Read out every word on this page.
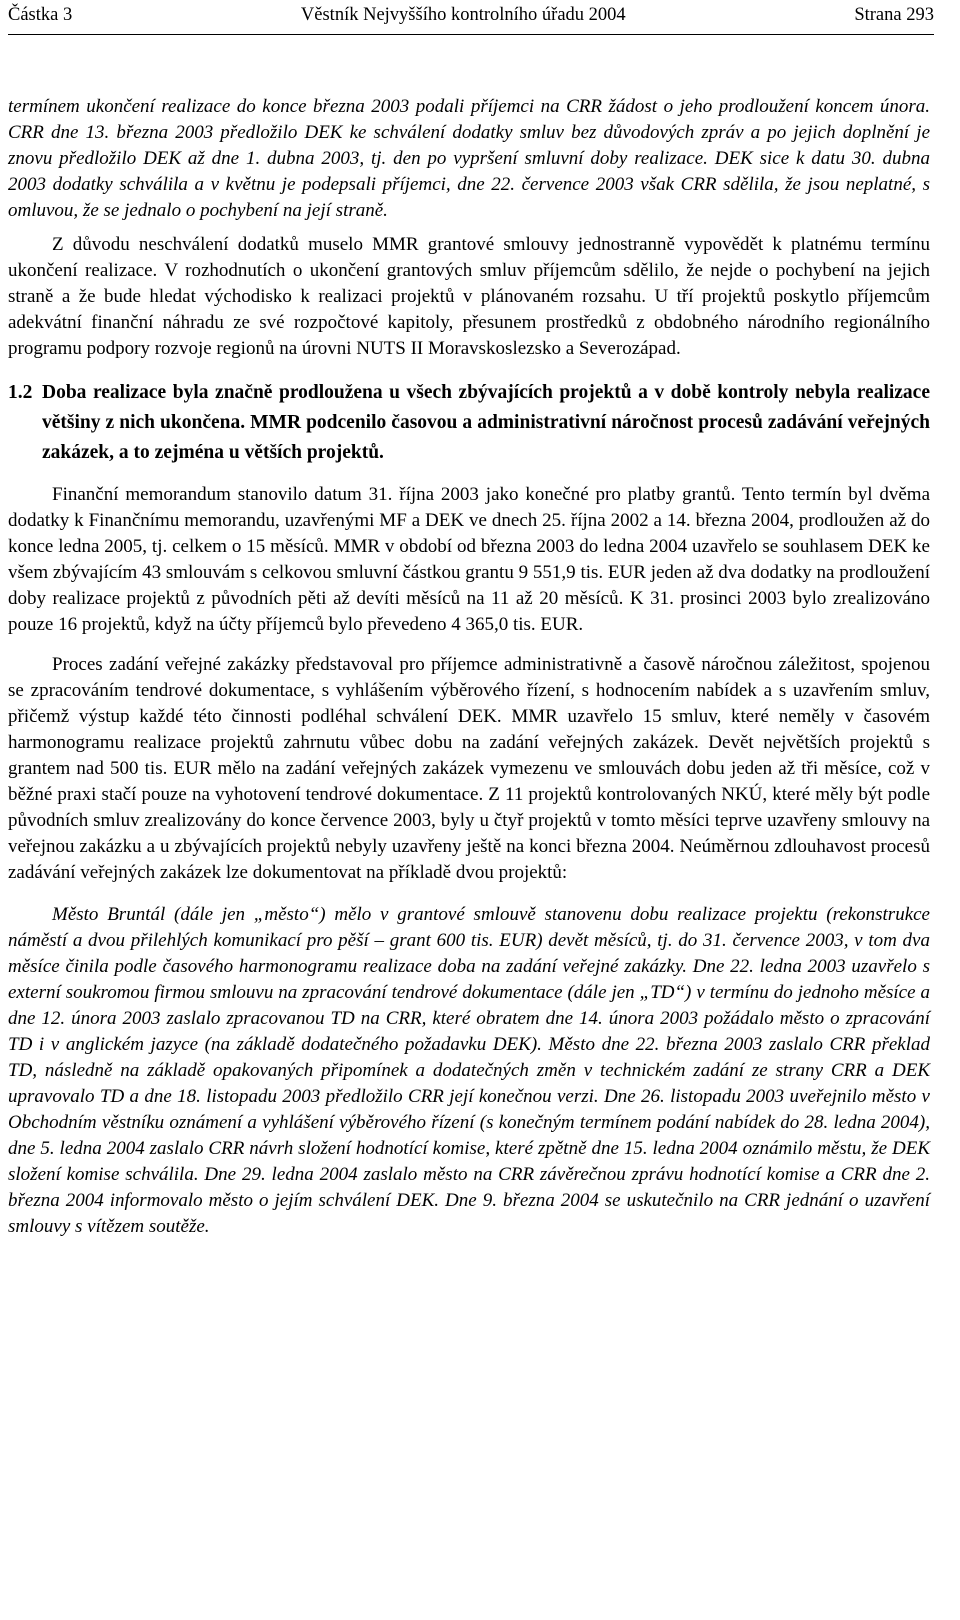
Částka 3	Věstník Nejvyššího kontrolního úřadu 2004	Strana 293

termínem ukončení realizace do konce března 2003 podali příjemci na CRR žádost o jeho prodloužení koncem února. CRR dne 13. března 2003 předložilo DEK ke schválení dodatky smluv bez důvodových zpráv a po jejich doplnění je znovu předložilo DEK až dne 1. dubna 2003, tj. den po vypršení smluvní doby realizace. DEK sice k datu 30. dubna 2003 dodatky schválila a v květnu je podepsali příjemci, dne 22. července 2003 však CRR sdělila, že jsou neplatné, s omluvou, že se jednalo o pochybení na její straně.

Z důvodu neschválení dodatků muselo MMR grantové smlouvy jednostranně vypovědět k platnému termínu ukončení realizace. V rozhodnutích o ukončení grantových smluv příjemcům sdělilo, že nejde o pochybení na jejich straně a že bude hledat východisko k realizaci projektů v plánovaném rozsahu. U tří projektů poskytlo příjemcům adekvátní finanční náhradu ze své rozpočtové kapitoly, přesunem prostředků z obdobného národního regionálního programu podpory rozvoje regionů na úrovni NUTS II Moravskoslezsko a Severozápad.

1.2 Doba realizace byla značně prodloužena u všech zbývajících projektů a v době kontroly nebyla realizace většiny z nich ukončena. MMR podcenilo časovou a administrativní náročnost procesů zadávání veřejných zakázek, a to zejména u větších projektů.

Finanční memorandum stanovilo datum 31. října 2003 jako konečné pro platby grantů. Tento termín byl dvěma dodatky k Finančnímu memorandu, uzavřenými MF a DEK ve dnech 25. října 2002 a 14. března 2004, prodloužen až do konce ledna 2005, tj. celkem o 15 měsíců. MMR v období od března 2003 do ledna 2004 uzavřelo se souhlasem DEK ke všem zbývajícím 43 smlouvám s celkovou smluvní částkou grantu 9 551,9 tis. EUR jeden až dva dodatky na prodloužení doby realizace projektů z původních pěti až devíti měsíců na 11 až 20 měsíců. K 31. prosinci 2003 bylo zrealizováno pouze 16 projektů, když na účty příjemců bylo převedeno 4 365,0 tis. EUR.

Proces zadání veřejné zakázky představoval pro příjemce administrativně a časově náročnou záležitost, spojenou se zpracováním tendrové dokumentace, s vyhlášením výběrového řízení, s hodnocením nabídek a s uzavřením smluv, přičemž výstup každé této činnosti podléhal schválení DEK. MMR uzavřelo 15 smluv, které neměly v časovém harmonogramu realizace projektů zahrnutu vůbec dobu na zadání veřejných zakázek. Devět největších projektů s grantem nad 500 tis. EUR mělo na zadání veřejných zakázek vymezenu ve smlouvách dobu jeden až tři měsíce, což v běžné praxi stačí pouze na vyhotovení tendrové dokumentace. Z 11 projektů kontrolovaných NKÚ, které měly být podle původních smluv zrealizovány do konce července 2003, byly u čtyř projektů v tomto měsíci teprve uzavřeny smlouvy na veřejnou zakázku a u zbývajících projektů nebyly uzavřeny ještě na konci března 2004. Neúměrnou zdlouhavost procesů zadávání veřejných zakázek lze dokumentovat na příkladě dvou projektů:

Město Bruntál (dále jen „město“) mělo v grantové smlouvě stanovenu dobu realizace projektu (rekonstrukce náměstí a dvou přilehlých komunikací pro pěší – grant 600 tis. EUR) devět měsíců, tj. do 31. července 2003, v tom dva měsíce činila podle časového harmonogramu realizace doba na zadání veřejné zakázky. Dne 22. ledna 2003 uzavřelo s externí soukromou firmou smlouvu na zpracování tendrové dokumentace (dále jen „TD“) v termínu do jednoho měsíce a dne 12. února 2003 zaslalo zpracovanou TD na CRR, které obratem dne 14. února 2003 požádalo město o zpracování TD i v anglickém jazyce (na základě dodatečného požadavku DEK). Město dne 22. března 2003 zaslalo CRR překlad TD, následně na základě opakovaných připomínek a dodatečných změn v technickém zadání ze strany CRR a DEK upravovalo TD a dne 18. listopadu 2003 předložilo CRR její konečnou verzi. Dne 26. listopadu 2003 uveřejnilo město v Obchodním věstníku oznámení a vyhlášení výběrového řízení (s konečným termínem podání nabídek do 28. ledna 2004), dne 5. ledna 2004 zaslalo CRR návrh složení hodnotící komise, které zpětně dne 15. ledna 2004 oznámilo městu, že DEK složení komise schválila. Dne 29. ledna 2004 zaslalo město na CRR závěrečnou zprávu hodnotící komise a CRR dne 2. března 2004 informovalo město o jejím schválení DEK. Dne 9. března 2004 se uskutečnilo na CRR jednání o uzavření smlouvy s vítězem soutěže.
